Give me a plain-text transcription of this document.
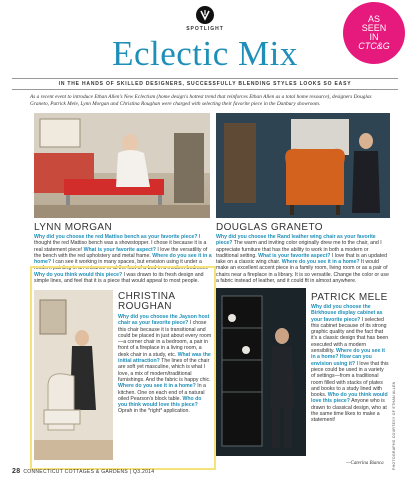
SPOTLIGHT
Eclectic Mix
AS
SEEN
IN
CTC&G
IN THE HANDS OF SKILLED DESIGNERS, SUCCESSFULLY BLENDING STYLES LOOKS SO EASY
As a recent event to introduce Ethan Allen's New Eclectism (home design's hottest trend that reinforces Ethan Allen as a total home resource), designers Douglas Graneto, Patrick Mele, Lynn Morgan and Christina Roughan were charged with selecting their favorite piece in the Danbury showroom.
LYNN MORGAN
Why did you choose the red Mattiso bench as your favorite piece? I thought the red Mattiso bench was a showstopper. I chose it because it is a real statement piece! What is your favorite aspect? I love the versatility of the bench with the red upholstery and metal frame. Where do you see it in a home? I can see it working in many spaces, but envision using it under a modern painting in an entrance or at the foot of a bed in a modern bedroom. Why do you think would this piece? I was drawn to its fresh design and simple lines, and feel that it is a piece that would appeal to most people.
DOUGLAS GRANETO
Why did you choose the Rand leather wing chair as your favorite piece? The warm and inviting color originally drew me to the chair, and I appreciate furniture that has the ability to work in both a modern or traditional setting. What is your favorite aspect? I love that is an updated take on a classic wing chair. Where do you see it in a home? It would make an excellent accent piece in a family room, living room or as a pair of chairs near a fireplace in a library. It is so versatile. Change the color or use a fabric instead of leather, and it could fit in almost anywhere.
CHRISTINA ROUGHAN
Why did you choose the Jayson host chair as your favorite piece? I chose this chair because it is transitional and could be placed in just about every room—a corner chair in a bedroom, a pair in front of a fireplace in a living room, a desk chair in a study, etc. What was the initial attraction? The lines of the chair are soft yet masculine, which is what I love, a mix of modern/traditional furnishings. And the fabric is happy chic. Where do you see it in a home? In a kitchen. One on each end of a natural oiled Pearson's block table. Who do you think would love this piece? Oprah in the *right* application.
PATRICK MELE
Why did you choose the Birkhouse display cabinet as your favorite piece? I selected this cabinet because of its strong graphic quality and the fact that it's a classic design that has been executed with a modern sensibility. Where do you see it in a home? How can you envision using it? I love that this piece could be used in a variety of settings—from a traditional room filled with stacks of plates and books to a study lined with books. Who do you think would love this piece? Anyone who is drawn to classical design, who at the same time likes to make a statement!
—Caterina Bianca PHOTOGRAPHS COURTESY OF ETHAN ALLEN
28 CONNECTICUT COTTAGES & GARDENS | Q3.2014
